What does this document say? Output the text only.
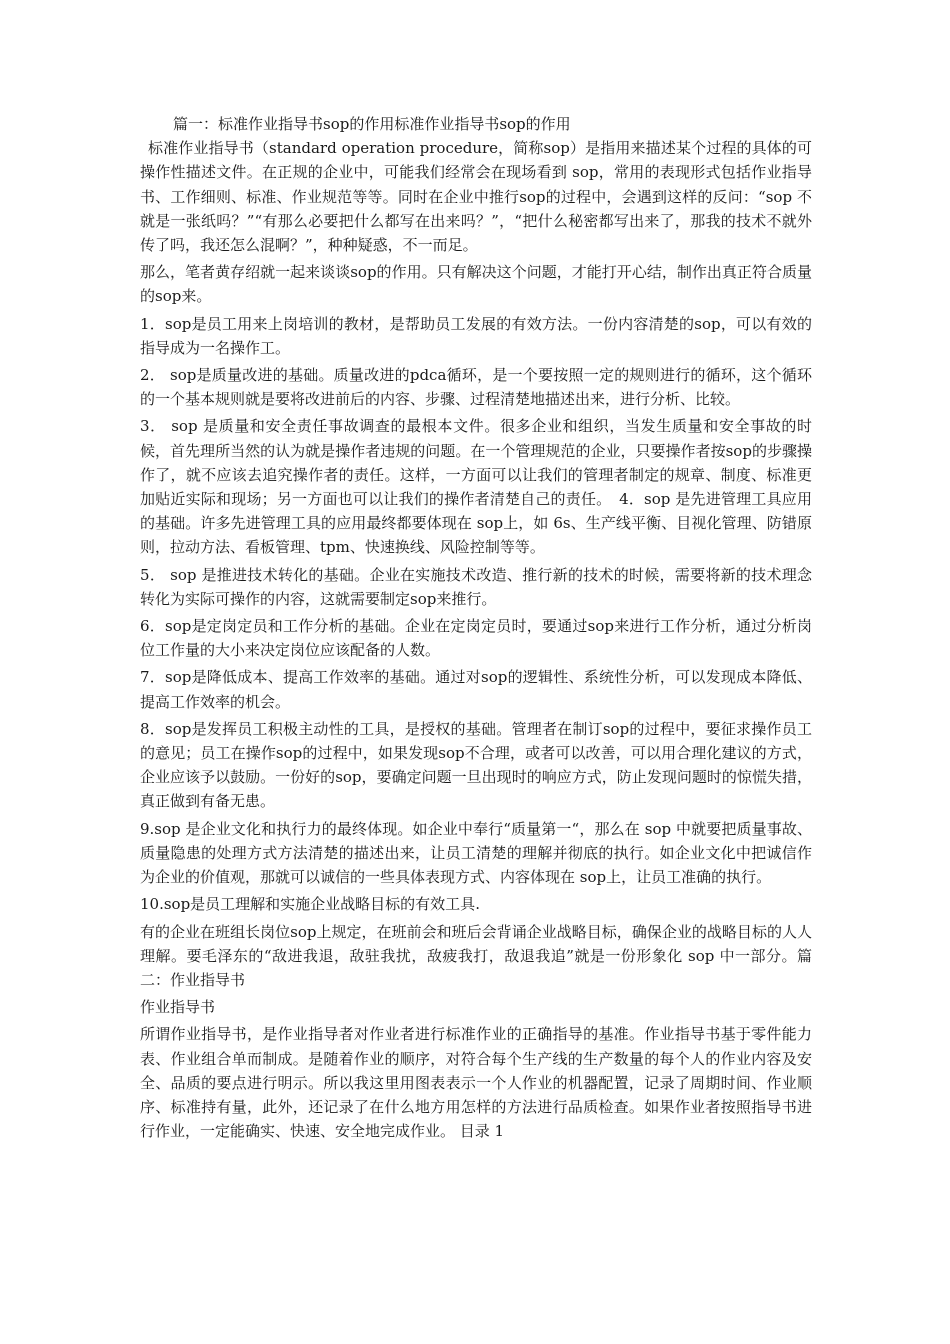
篇一：标准作业指导书sop的作用标准作业指导书sop的作用

标准作业指导书（standard operation procedure，简称sop）是指用来描述某个过程的具体的可操作性描述文件。在正规的企业中，可能我们经常会在现场看到 sop，常用的表现形式包括作业指导书、工作细则、标准、作业规范等等。同时在企业中推行sop的过程中，会遇到这样的反问：“sop 不就是一张纸吗？”“有那么必要把什么都写在出来吗？”，“把什么秘密都写出来了，那我的技术不就外传了吗，我还怎么混啊？”，种种疑惑，不一而足。

那么，笔者黄存绍就一起来谈谈sop的作用。只有解决这个问题，才能打开心结，制作出真正符合质量的sop来。

1．sop是员工用来上岗培训的教材，是帮助员工发展的有效方法。一份内容清楚的sop，可以有效的指导成为一名操作工。

2． sop是质量改进的基础。质量改进的pdca循环，是一个要按照一定的规则进行的循环，这个循环的一个基本规则就是要将改进前后的内容、步骤、过程清楚地描述出来，进行分析、比较。

3． sop 是质量和安全责任事故调查的最根本文件。很多企业和组织，当发生质量和安全事故的时候，首先理所当然的认为就是操作者违规的问题。在一个管理规范的企业，只要操作者按sop的步骤操作了，就不应该去追究操作者的责任。这样，一方面可以让我们的管理者制定的规章、制度、标准更加贴近实际和现场；另一方面也可以让我们的操作者清楚自己的责任。　4．sop 是先进管理工具应用的基础。许多先进管理工具的应用最终都要体现在 sop上，如 6s、生产线平衡、目视化管理、防错原则，拉动方法、看板管理、tpm、快速换线、风险控制等等。

5． sop 是推进技术转化的基础。企业在实施技术改造、推行新的技术的时候，需要将新的技术理念转化为实际可操作的内容，这就需要制定sop来推行。

6．sop是定岗定员和工作分析的基础。企业在定岗定员时，要通过sop来进行工作分析，通过分析岗位工作量的大小来决定岗位应该配备的人数。

7．sop是降低成本、提高工作效率的基础。通过对sop的逻辑性、系统性分析，可以发现成本降低、提高工作效率的机会。

8．sop是发挥员工积极主动性的工具，是授权的基础。管理者在制订sop的过程中，要征求操作员工的意见；员工在操作sop的过程中，如果发现sop不合理，或者可以改善，可以用合理化建议的方式，企业应该予以鼓励。一份好的sop，要确定问题一旦出现时的响应方式，防止发现问题时的惊慌失措，真正做到有备无患。

9.sop 是企业文化和执行力的最终体现。如企业中奉行“质量第一“，那么在 sop 中就要把质量事故、质量隐患的处理方式方法清楚的描述出来，让员工清楚的理解并彻底的执行。如企业文化中把诚信作为企业的价值观，那就可以诚信的一些具体表现方式、内容体现在 sop上，让员工准确的执行。

10.sop是员工理解和实施企业战略目标的有效工具.

有的企业在班组长岗位sop上规定，在班前会和班后会背诵企业战略目标，确保企业的战略目标的人人理解。要毛泽东的“敌进我退，敌驻我扰，敌疲我打，敌退我追”就是一份形象化 sop 中一部分。篇二：作业指导书

作业指导书

所谓作业指导书，是作业指导者对作业者进行标准作业的正确指导的基准。作业指导书基于零件能力表、作业组合单而制成。是随着作业的顺序，对符合每个生产线的生产数量的每个人的作业内容及安全、品质的要点进行明示。所以我这里用图表表示一个人作业的机器配置，记录了周期时间、作业顺序、标准持有量，此外，还记录了在什么地方用怎样的方法进行品质检查。如果作业者按照指导书进行作业，一定能确实、快速、安全地完成作业。 目录 1
